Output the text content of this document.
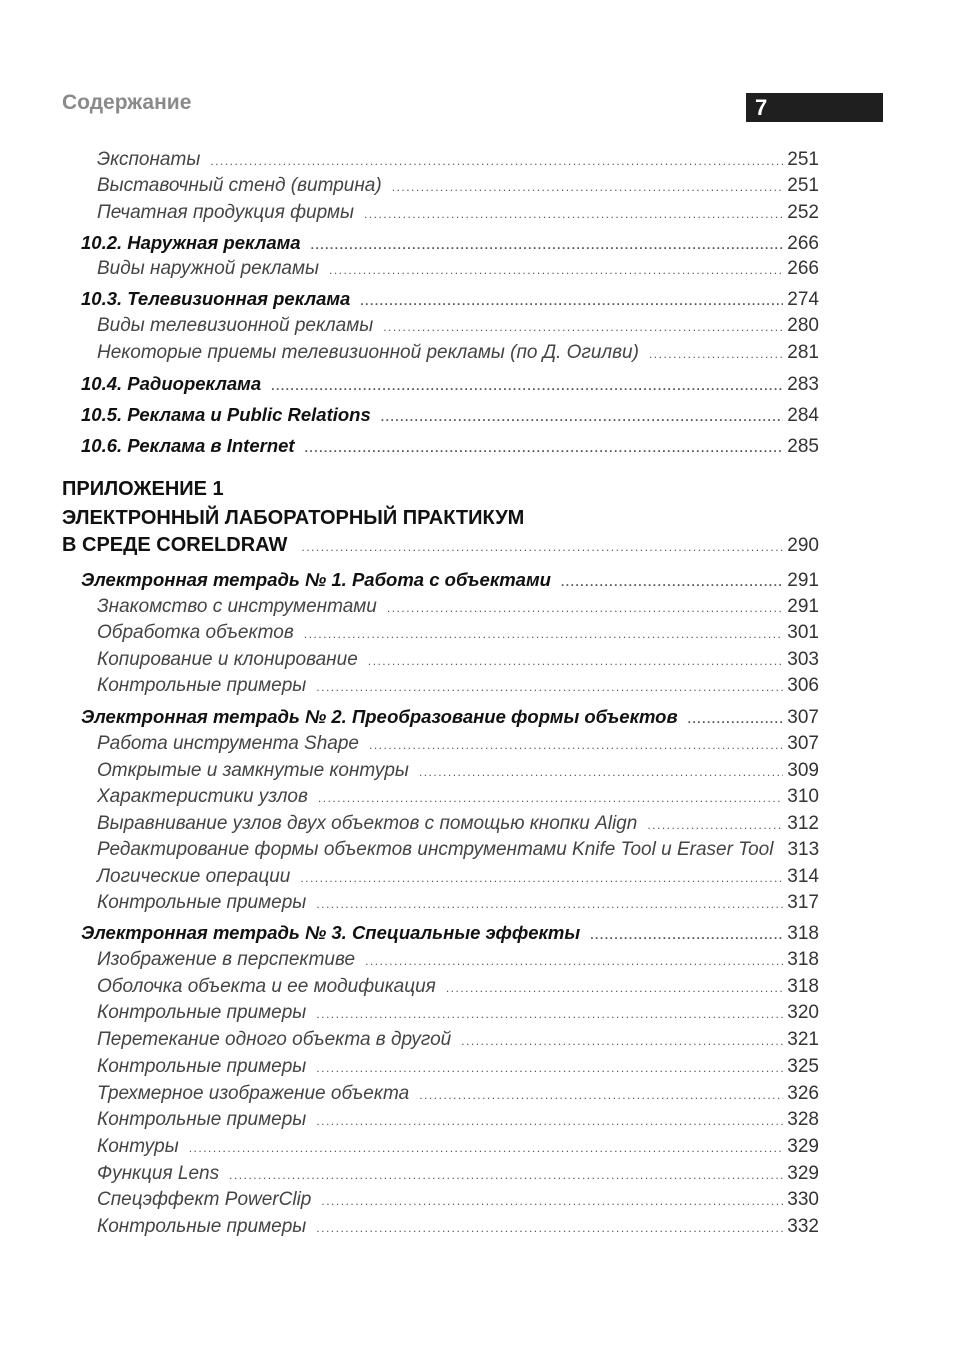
Содержание	7
Экспонаты .....	251
Выставочный стенд (витрина) .....	251
Печатная продукция фирмы .....	252
10.2. Наружная реклама .....	266
Виды наружной рекламы .....	266
10.3. Телевизионная реклама .....	274
Виды телевизионной рекламы .....	280
Некоторые приемы телевизионной рекламы (по Д. Огилви) .....	281
10.4. Радиореклама .....	283
10.5. Реклама и Public Relations .....	284
10.6. Реклама в Internet .....	285
ПРИЛОЖЕНИЕ 1
ЭЛЕКТРОННЫЙ ЛАБОРАТОРНЫЙ ПРАКТИКУМ
В СРЕДЕ CORELDRAW .....	290
Электронная тетрадь № 1. Работа с объектами .....	291
Знакомство с инструментами .....	291
Обработка объектов .....	301
Копирование и клонирование .....	303
Контрольные примеры .....	306
Электронная тетрадь № 2. Преобразование формы объектов .....	307
Работа инструмента Shape .....	307
Открытые и замкнутые контуры .....	309
Характеристики узлов .....	310
Выравнивание узлов двух объектов с помощью кнопки Align .....	312
Редактирование формы объектов инструментами Knife Tool и Eraser Tool 313
Логические операции .....	314
Контрольные примеры .....	317
Электронная тетрадь № 3. Специальные эффекты .....	318
Изображение в перспективе .....	318
Оболочка объекта и ее модификация .....	318
Контрольные примеры .....	320
Перетекание одного объекта в другой .....	321
Контрольные примеры .....	325
Трехмерное изображение объекта .....	326
Контрольные примеры .....	328
Контуры .....	329
Функция Lens .....	329
Спецэффект PowerClip .....	330
Контрольные примеры .....	332
